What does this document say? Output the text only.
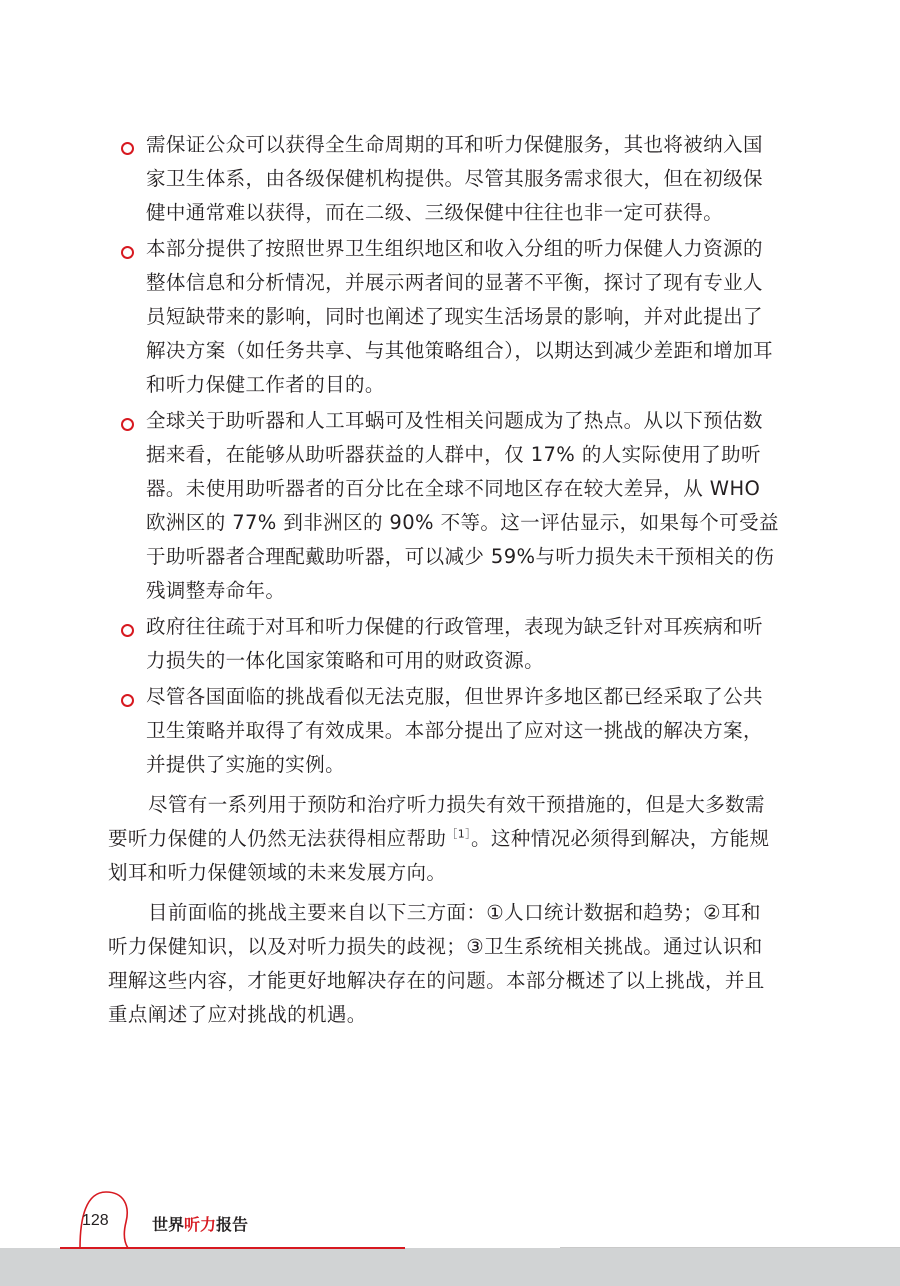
需保证公众可以获得全生命周期的耳和听力保健服务，其也将被纳入国家卫生体系，由各级保健机构提供。尽管其服务需求很大，但在初级保健中通常难以获得，而在二级、三级保健中往往也非一定可获得。
本部分提供了按照世界卫生组织地区和收入分组的听力保健人力资源的整体信息和分析情况，并展示两者间的显著不平衡，探讨了现有专业人员短缺带来的影响，同时也阐述了现实生活场景的影响，并对此提出了解决方案（如任务共享、与其他策略组合），以期达到减少差距和增加耳和听力保健工作者的目的。
全球关于助听器和人工耳蜗可及性相关问题成为了热点。从以下预估数据来看，在能够从助听器获益的人群中，仅 17% 的人实际使用了助听器。未使用助听器者的百分比在全球不同地区存在较大差异，从 WHO 欧洲区的 77% 到非洲区的 90% 不等。这一评估显示，如果每个可受益于助听器者合理配戴助听器，可以减少 59%与听力损失未干预相关的伤残调整寿命年。
政府往往疏于对耳和听力保健的行政管理，表现为缺乏针对耳疾病和听力损失的一体化国家策略和可用的财政资源。
尽管各国面临的挑战看似无法克服，但世界许多地区都已经采取了公共卫生策略并取得了有效成果。本部分提出了应对这一挑战的解决方案，并提供了实施的实例。

尽管有一系列用于预防和治疗听力损失有效干预措施的，但是大多数需要听力保健的人仍然无法获得相应帮助$^{[1]}$。这种情况必须得到解决，方能规划耳和听力保健领域的未来发展方向。

目前面临的挑战主要来自以下三方面：①人口统计数据和趋势；②耳和听力保健知识，以及对听力损失的歧视；③卫生系统相关挑战。通过认识和理解这些内容，才能更好地解决存在的问题。本部分概述了以上挑战，并且重点阐述了应对挑战的机遇。

128	世界听力报告
